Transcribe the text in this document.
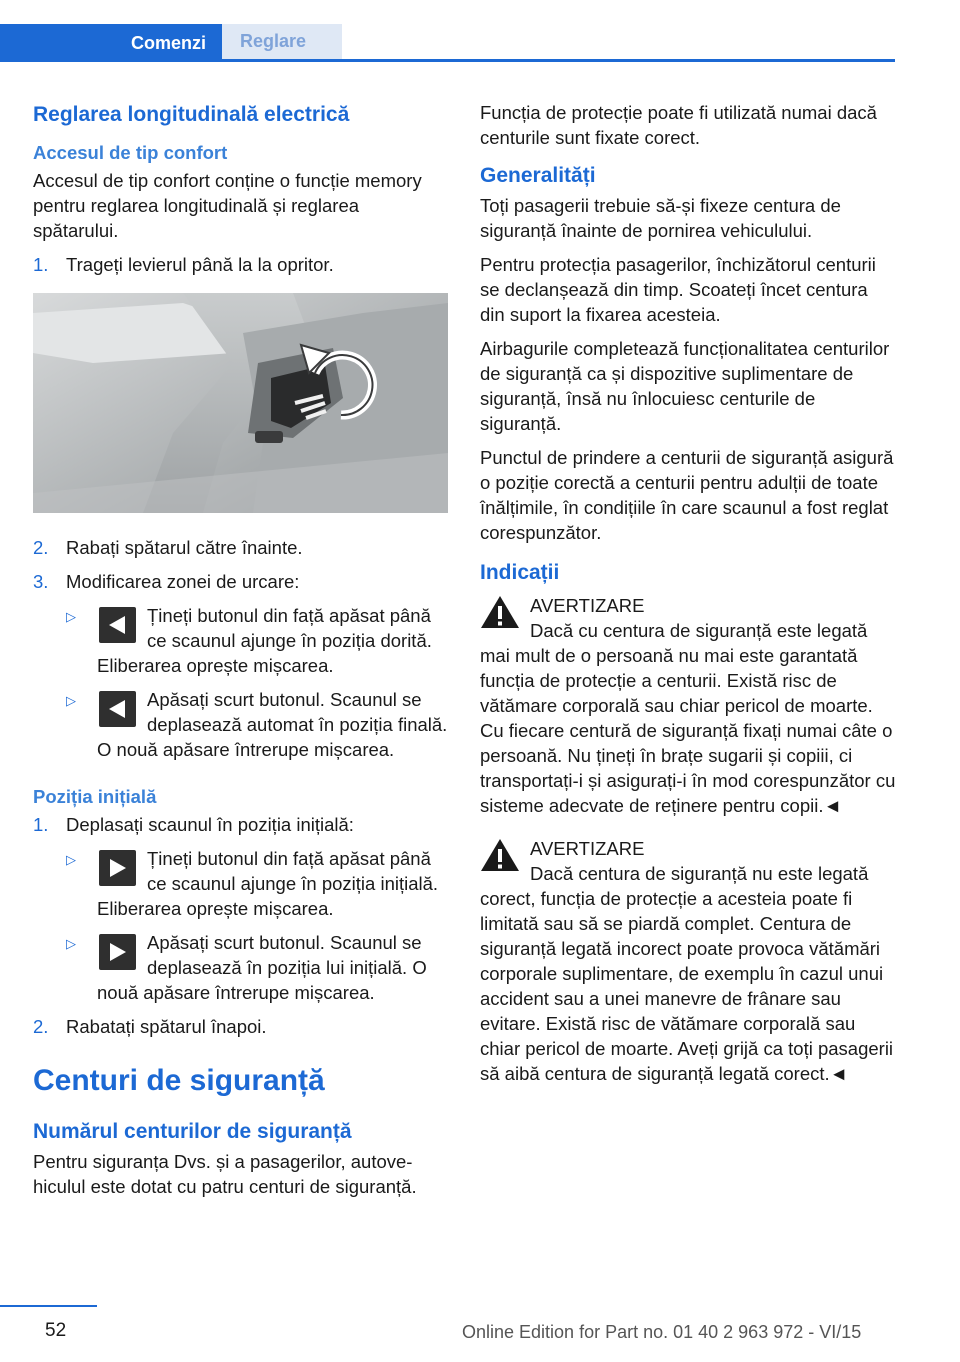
Comenzi	Reglare
Reglarea longitudinală electrică
Accesul de tip confort

Accesul de tip confort conține o funcție memory pentru reglarea longitudinală și reglarea spătarului.

1. Trageți levierul până la la opritor.
2. Rabați spătarul către înainte.
3. Modificarea zonei de urcare:
▷	Țineți butonul din față apăsat până ce scaunul ajunge în poziția dorită. Eliberarea oprește mișcarea.
▷	Apăsați scurt butonul. Scaunul se deplasează automat în poziția finală. O nouă apăsare întrerupe mișcarea.
Poziția inițială
1. Deplasați scaunul în poziția inițială:
▷	Țineți butonul din față apăsat până ce scaunul ajunge în poziția inițială. Eliberarea oprește mișcarea.
▷	Apăsați scurt butonul. Scaunul se deplasează în poziția lui inițială. O nouă apăsare întrerupe mișcarea.
2. Rabatați spătarul înapoi.
Centuri de siguranță
Numărul centurilor de siguranță

Pentru siguranța Dvs. și a pasagerilor, autovehiculul este dotat cu patru centuri de siguranță.

Funcția de protecție poate fi utilizată numai dacă centurile sunt fixate corect.

Generalități

Toți pasagerii trebuie să-și fixeze centura de siguranță înainte de pornirea vehiculului.

Pentru protecția pasagerilor, închizătorul centurii se declanșează din timp. Scoateți încet centura din suport la fixarea acesteia.

Airbagurile completează funcționalitatea centurilor de siguranță ca și dispozitive suplimentare de siguranță, însă nu înlocuiesc centurile de siguranță.

Punctul de prindere a centurii de siguranță asigură o poziție corectă a centurii pentru adulții de toate înălțimile, în condițiile în care scaunul a fost reglat corespunzător.

Indicații
AVERTIZARE
Dacă cu centura de siguranță este legată mai mult de o persoană nu mai este garantată funcția de protecție a centurii. Există risc de vătămare corporală sau chiar pericol de moarte. Cu fiecare centură de siguranță fixați numai câte o persoană. Nu țineți în brațe sugarii și copiii, ci transportați-i și asigurați-i în mod corespunzător cu sisteme adecvate de reținere pentru copii.◄
AVERTIZARE
Dacă centura de siguranță nu este legată corect, funcția de protecție a acesteia poate fi limitată sau să se piardă complet. Centura de siguranță legată incorect poate provoca vătămări corporale suplimentare, de exemplu în cazul unui accident sau a unei manevre de frânare sau evitare. Există risc de vătămare corporală sau chiar pericol de moarte. Aveți grijă ca toți pasagerii să aibă centura de siguranță legată corect.◄
52	Online Edition for Part no. 01 40 2 963 972 - VI/15
